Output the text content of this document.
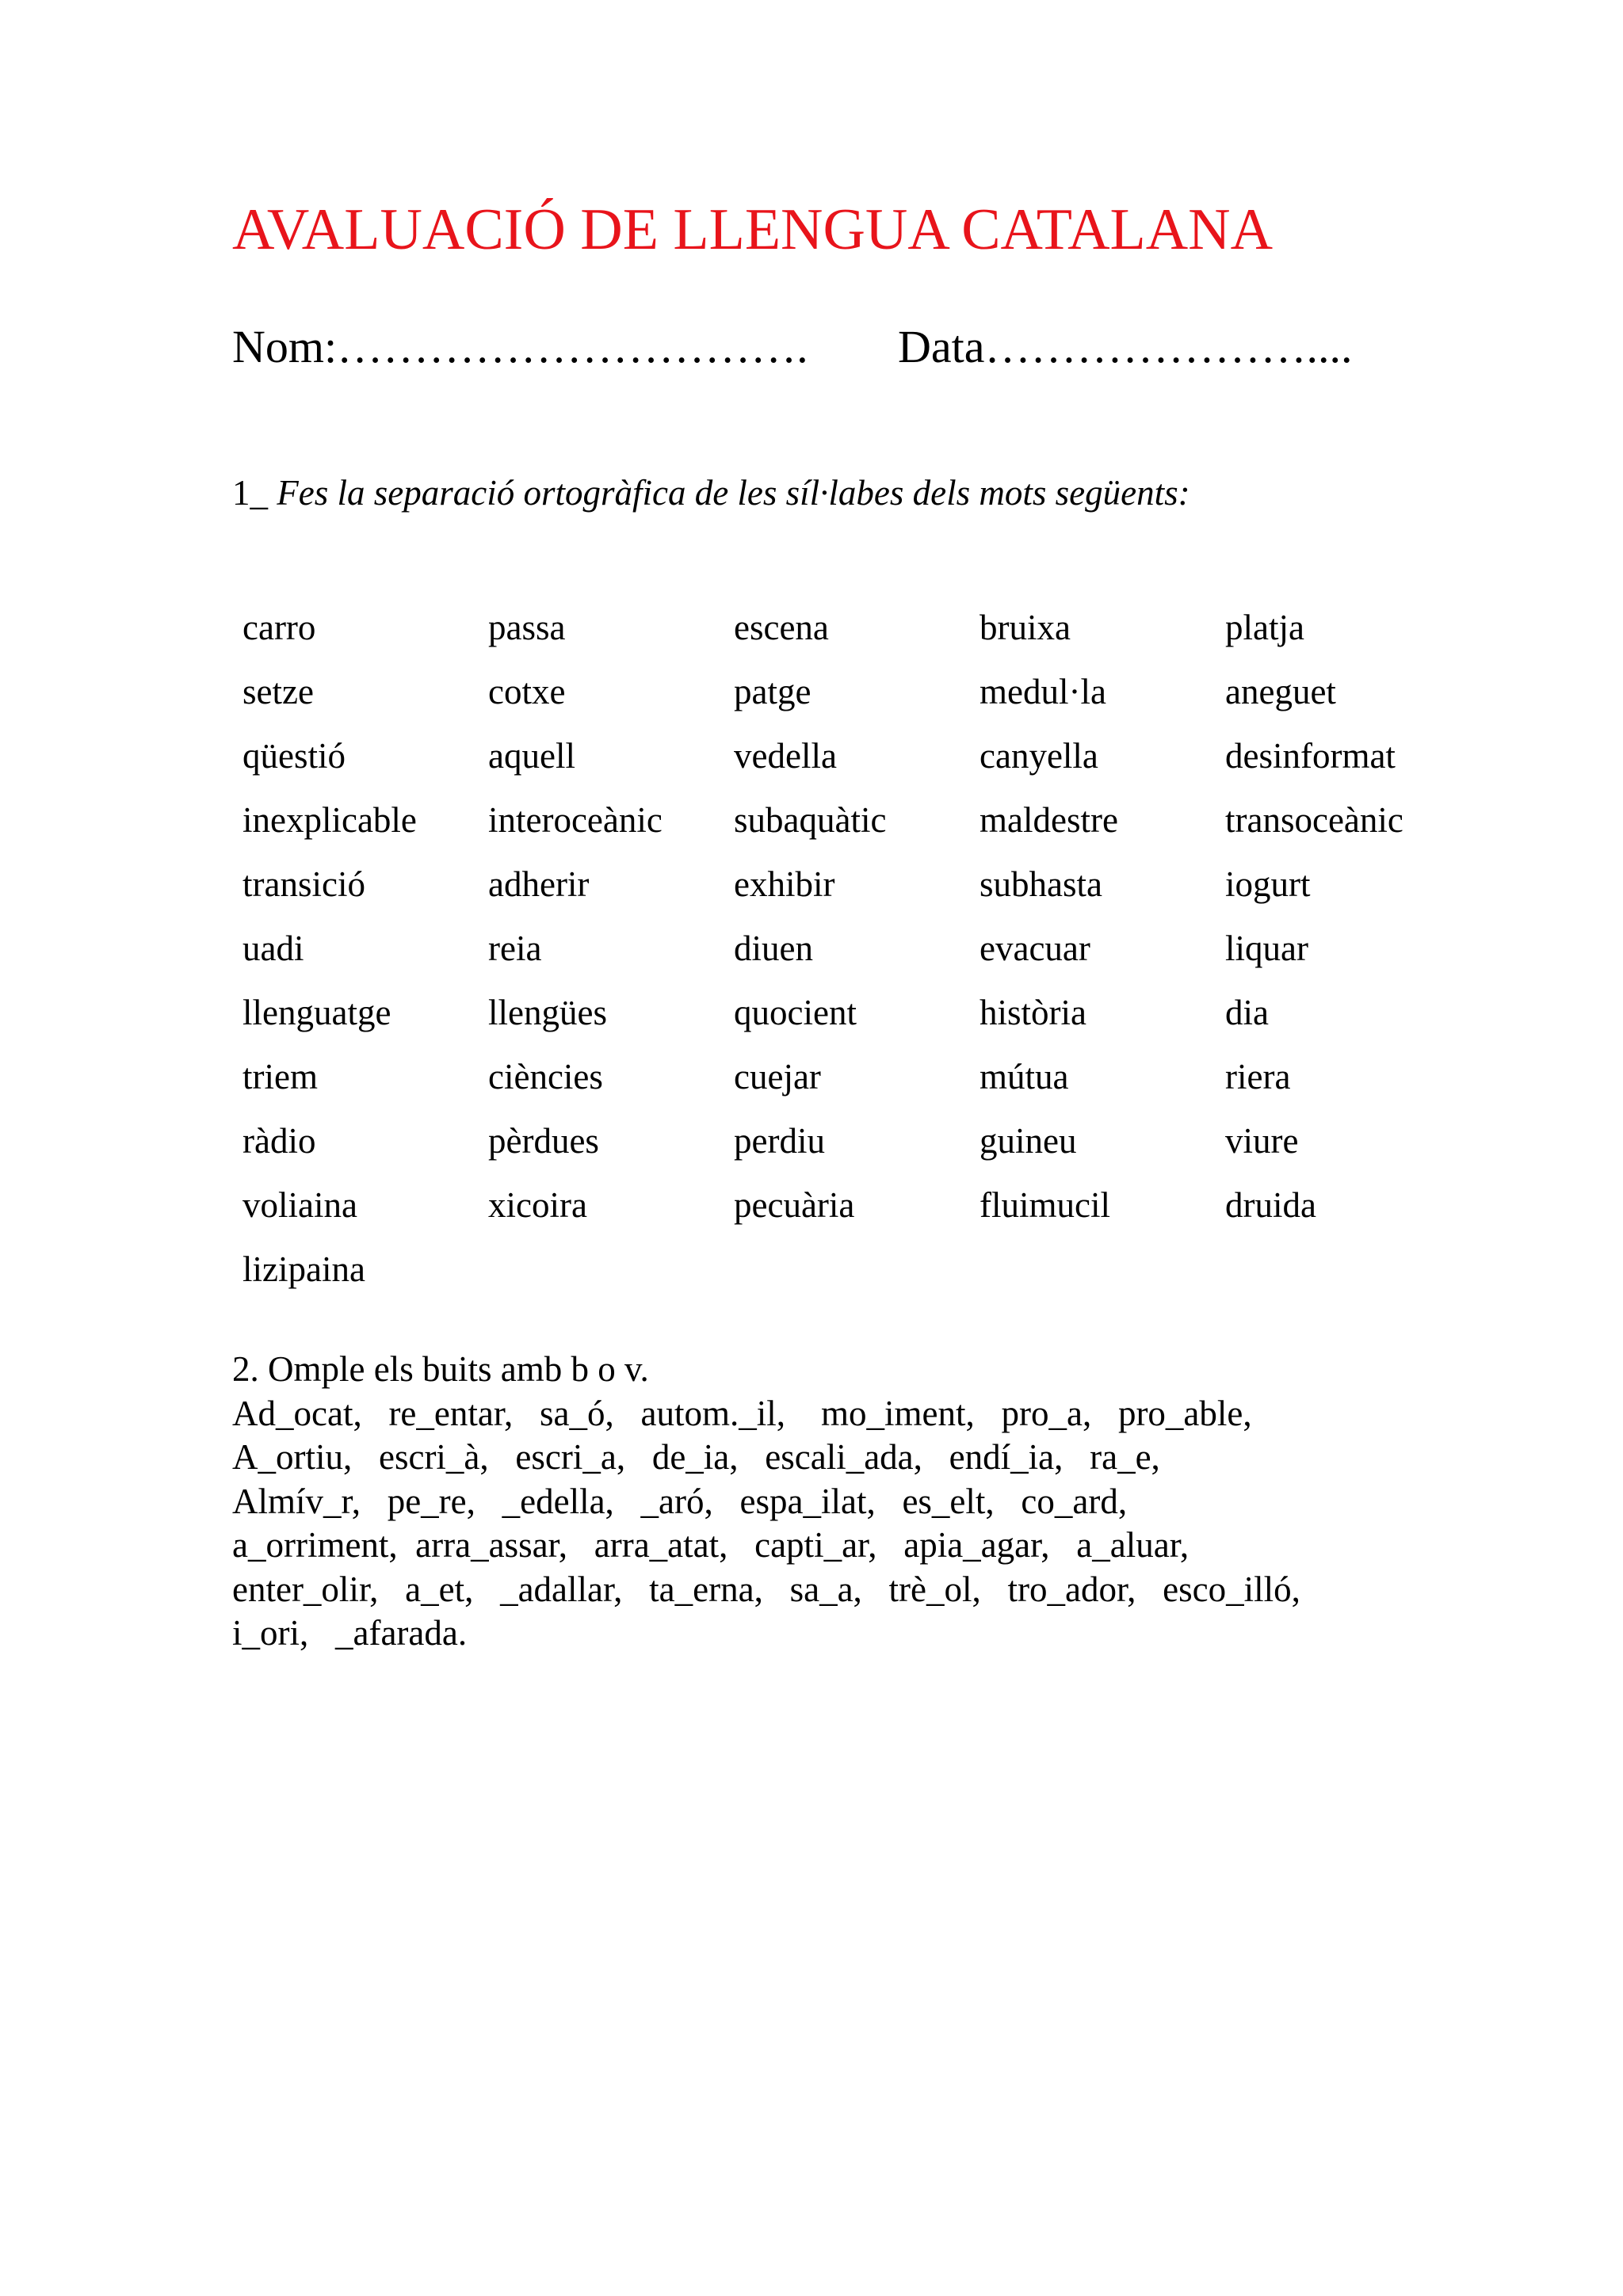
AVALUACIÓ DE LLENGUA CATALANA
Nom:…………………………. Data…………………....
1_ Fes la separació ortogràfica de les síl·labes dels mots següents:
carro	passa	escena	bruixa	platja
setze	cotxe	patge	medul·la	aneguet
qüestió	aquell	vedella	canyella	desinformat
inexplicable	interoceànic	subaquàtic	maldestre	transoceànic
transició	adherir	exhibir	subhasta	iogurt
uadi	reia	diuen	evacuar	liquar
llenguatge	llengües	quocient	història	dia
triem	ciències	cuejar	mútua	riera
ràdio	pèrdues	perdiu	guineu	viure
voliaina	xicoira	pecuària	fluimucil	druida
lizipaina
2. Omple els buits amb b o v.
Ad_ocat,   re_entar,   sa_ó,   autom._il,    mo_iment,   pro_a,   pro_able,
A_ortiu,   escri_à,   escri_a,   de_ia,   escali_ada,   endí_ia,   ra_e,
Almív_r,   pe_re,   _edella,   _aró,   espa_ilat,   es_elt,   co_ard,
a_orriment,  arra_assar,   arra_atat,   capti_ar,   apia_agar,   a_aluar,
enter_olir,   a_et,   _adallar,   ta_erna,   sa_a,   trè_ol,   tro_ador,   esco_illó,
i_ori,   _afarada.
